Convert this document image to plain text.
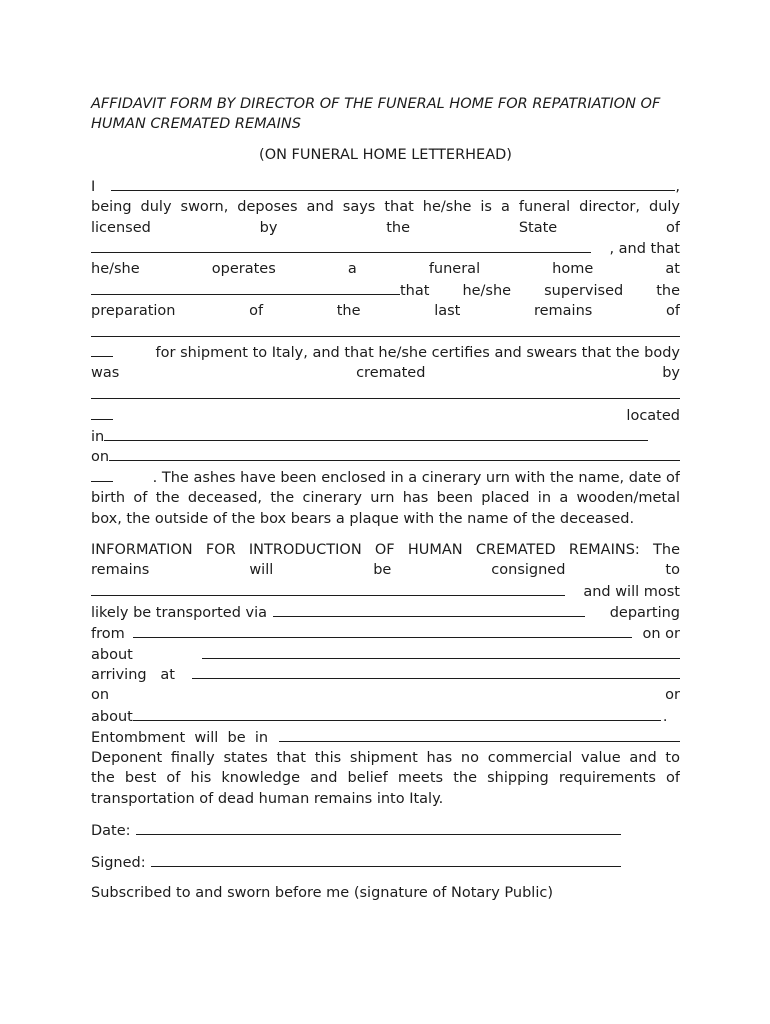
AFFIDAVIT FORM BY DIRECTOR OF THE FUNERAL HOME FOR REPATRIATION OF HUMAN CREMATED REMAINS
(ON FUNERAL HOME LETTERHEAD)
I	,
being duly sworn, deposes and says that he/she is a funeral director, duly
licensed	by	the	State	of
, and that
he/she	operates	a	funeral	home	at
that he/she supervised the
preparation	of	the	last	remains	of
for shipment to Italy, and that he/she certifies and swears that the body
was	cremated	by
located
in
on
. The ashes have been enclosed in a cinerary urn with the name, date of
birth of the deceased, the cinerary urn has been placed in a wooden/metal
box, the outside of the box bears a plaque with the name of the deceased.
INFORMATION FOR INTRODUCTION OF HUMAN CREMATED REMAINS: The
remains	will	be	consigned	to
and will most
likely be transported via	departing
from	on or
about
arriving   at
on	or
about	.
Entombment  will  be  in
Deponent finally states that this shipment has no commercial value and to
the best of his knowledge and belief meets the shipping requirements of
transportation of dead human remains into Italy.
Date:
Signed:
Subscribed to and sworn before me (signature of Notary Public)
